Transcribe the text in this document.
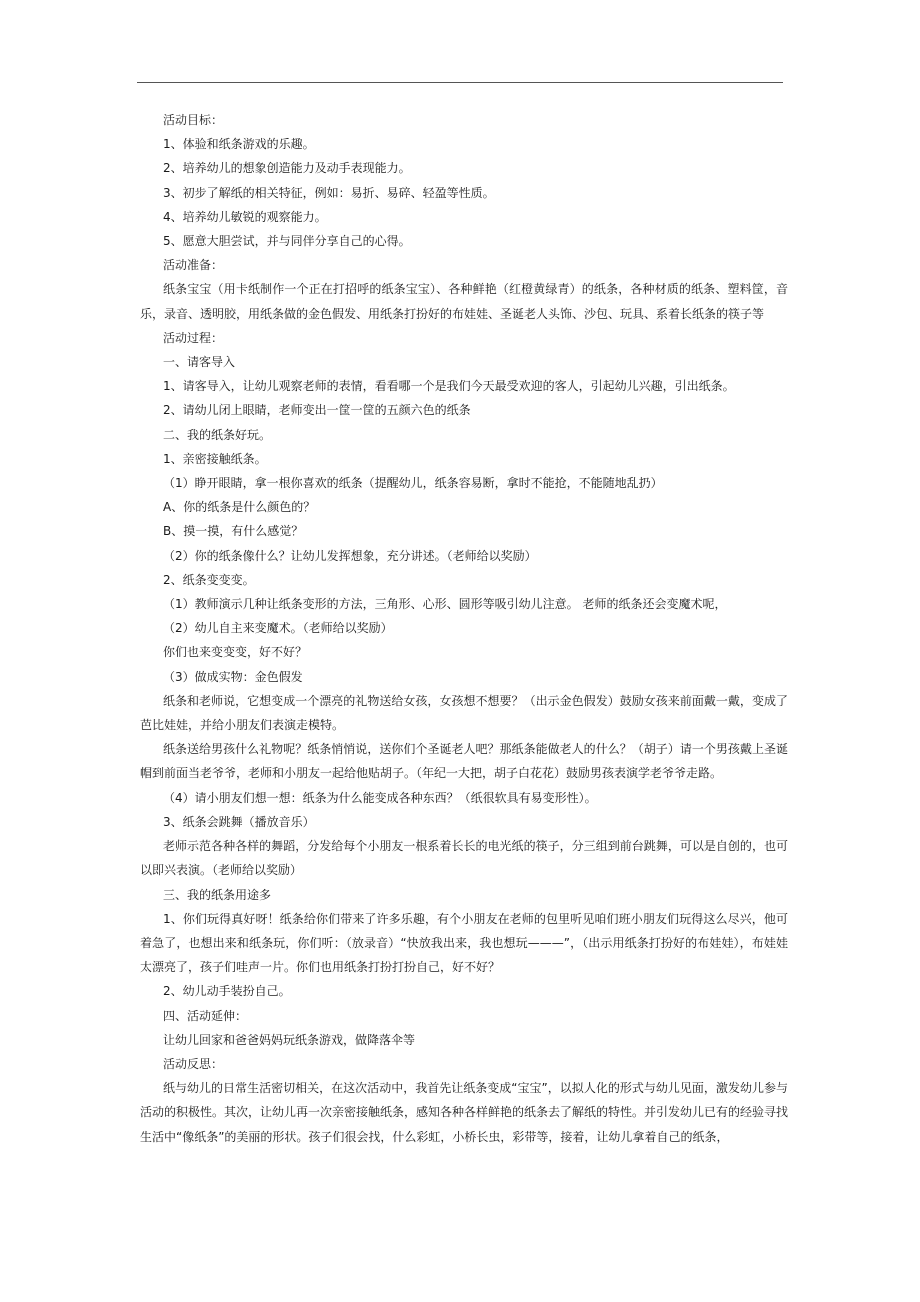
活动目标：

1、体验和纸条游戏的乐趣。

2、培养幼儿的想象创造能力及动手表现能力。

3、初步了解纸的相关特征，例如：易折、易碎、轻盈等性质。

4、培养幼儿敏锐的观察能力。

5、愿意大胆尝试，并与同伴分享自己的心得。

活动准备：

纸条宝宝（用卡纸制作一个正在打招呼的纸条宝宝）、各种鲜艳（红橙黄绿青）的纸条，各种材质的纸条、塑料筐，音乐，录音、透明胶，用纸条做的金色假发、用纸条打扮好的布娃娃、圣诞老人头饰、沙包、玩具、系着长纸条的筷子等

活动过程：

一、请客导入

1、请客导入，让幼儿观察老师的表情，看看哪一个是我们今天最受欢迎的客人，引起幼儿兴趣，引出纸条。

2、请幼儿闭上眼睛，老师变出一筐一筐的五颜六色的纸条

二、我的纸条好玩。

1、亲密接触纸条。

（1）睁开眼睛，拿一根你喜欢的纸条（提醒幼儿，纸条容易断，拿时不能抢，不能随地乱扔）

A、你的纸条是什么颜色的？

B、摸一摸，有什么感觉？

（2）你的纸条像什么？让幼儿发挥想象，充分讲述。（老师给以奖励）

2、纸条变变变。

（1）教师演示几种让纸条变形的方法，三角形、心形、圆形等吸引幼儿注意。 老师的纸条还会变魔术呢，

（2）幼儿自主来变魔术。（老师给以奖励）

你们也来变变变，好不好？

（3）做成实物：金色假发

纸条和老师说，它想变成一个漂亮的礼物送给女孩，女孩想不想要？（出示金色假发）鼓励女孩来前面戴一戴，变成了芭比娃娃，并给小朋友们表演走模特。

纸条送给男孩什么礼物呢？纸条悄悄说，送你们个圣诞老人吧？那纸条能做老人的什么？（胡子）请一个男孩戴上圣诞帽到前面当老爷爷，老师和小朋友一起给他贴胡子。（年纪一大把，胡子白花花）鼓励男孩表演学老爷爷走路。

（4）请小朋友们想一想：纸条为什么能变成各种东西？（纸很软具有易变形性）。

3、纸条会跳舞（播放音乐）

老师示范各种各样的舞蹈，分发给每个小朋友一根系着长长的电光纸的筷子，分三组到前台跳舞，可以是自创的，也可以即兴表演。（老师给以奖励）

三、我的纸条用途多

1、你们玩得真好呀！纸条给你们带来了许多乐趣，有个小朋友在老师的包里听见咱们班小朋友们玩得这么尽兴，他可着急了，也想出来和纸条玩，你们听：（放录音）“快放我出来，我也想玩———”，（出示用纸条打扮好的布娃娃），布娃娃太漂亮了，孩子们哇声一片。你们也用纸条打扮打扮自己，好不好？

2、幼儿动手装扮自己。

四、活动延伸：

让幼儿回家和爸爸妈妈玩纸条游戏，做降落伞等

活动反思：

纸与幼儿的日常生活密切相关，在这次活动中，我首先让纸条变成“宝宝”，以拟人化的形式与幼儿见面，激发幼儿参与活动的积极性。其次，让幼儿再一次亲密接触纸条，感知各种各样鲜艳的纸条去了解纸的特性。并引发幼儿已有的经验寻找生活中“像纸条”的美丽的形状。孩子们很会找，什么彩虹，小桥长虫，彩带等，接着，让幼儿拿着自己的纸条，
